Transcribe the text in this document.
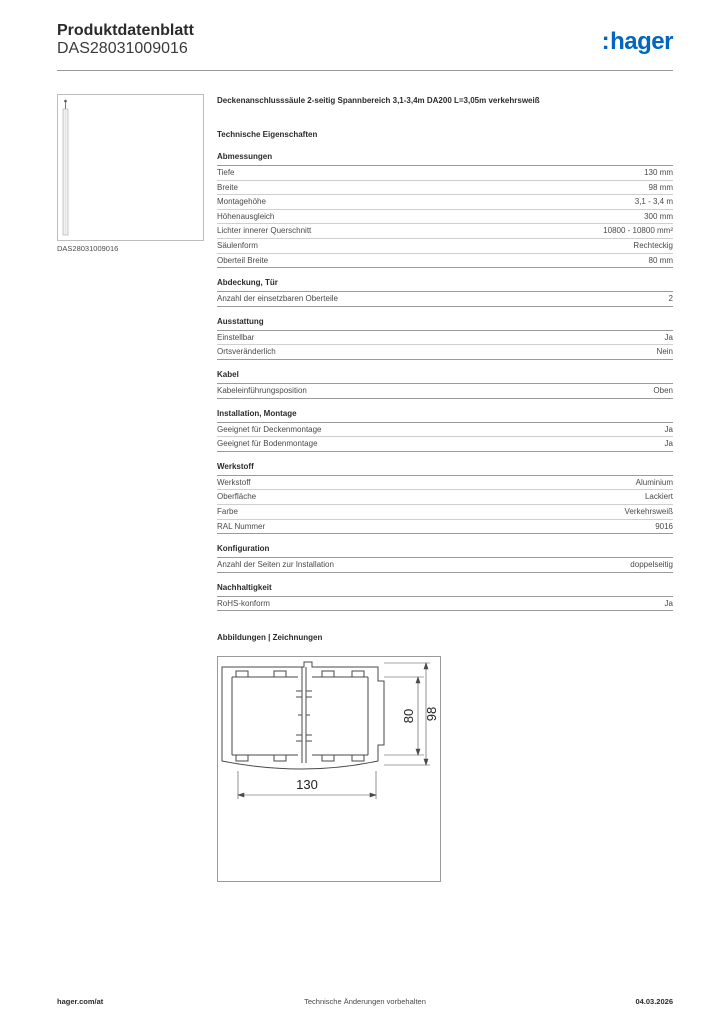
Produktdatenblatt
DAS28031009016	:hager
DAS28031009016
Deckenanschlusssäule 2-seitig Spannbereich 3,1-3,4m DA200 L=3,05m verkehrsweiß
Technische Eigenschaften
Abmessungen
Tiefe	130 mm
Breite	98 mm
Montagehöhe	3,1 - 3,4 m
Höhenausgleich	300 mm
Lichter innerer Querschnitt	10800 - 10800 mm²
Säulenform	Rechteckig
Oberteil Breite	80 mm
Abdeckung, Tür
Anzahl der einsetzbaren Oberteile	2
Ausstattung
Einstellbar	Ja
Ortsveränderlich	Nein
Kabel
Kabeleinführungsposition	Oben
Installation, Montage
Geeignet für Deckenmontage	Ja
Geeignet für Bodenmontage	Ja
Werkstoff
Werkstoff	Aluminium
Oberfläche	Lackiert
Farbe	Verkehrsweiß
RAL Nummer	9016
Konfiguration
Anzahl der Seiten zur Installation	doppelseitig
Nachhaltigkeit
RoHS-konform	Ja
Abbildungen | Zeichnungen
130
80 98
hager.com/at	Technische Änderungen vorbehalten	04.03.2026
